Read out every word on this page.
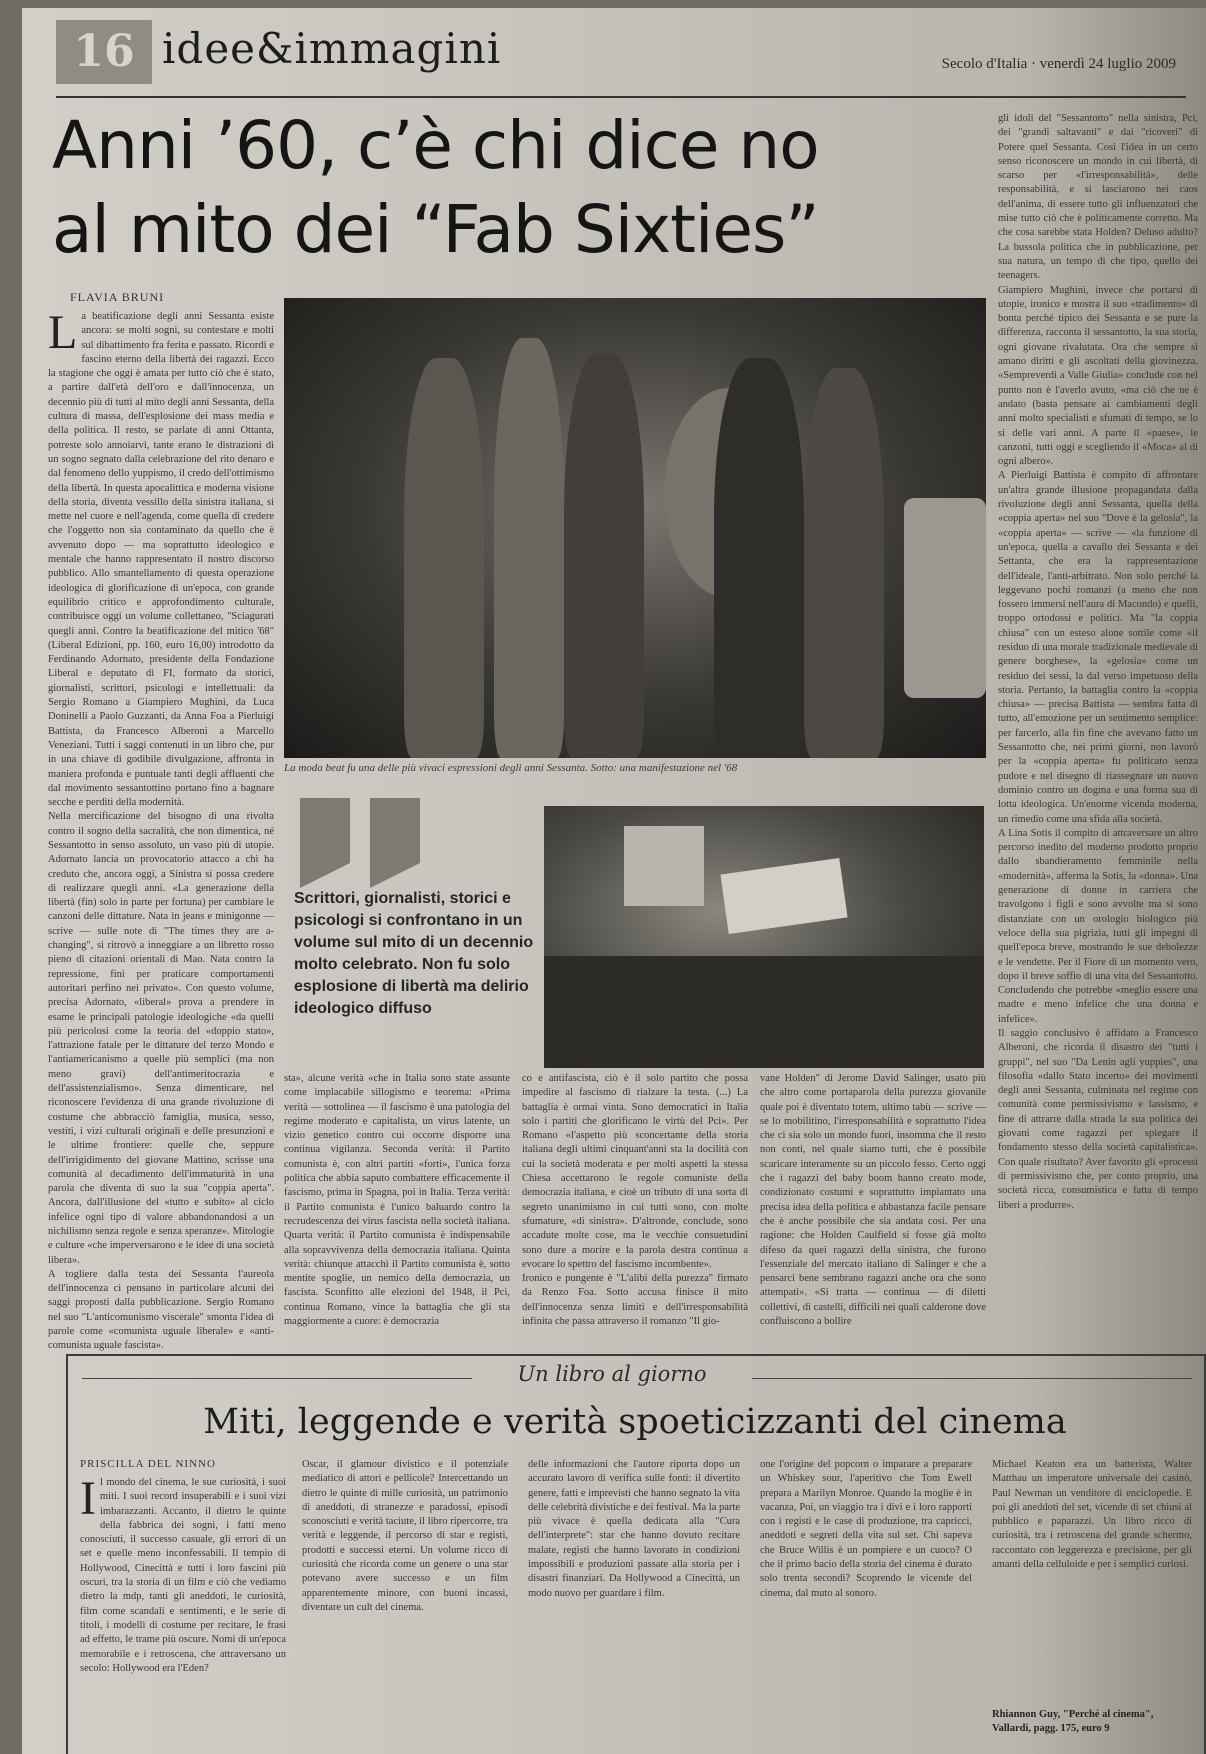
16 idee&immagini	Secolo d'Italia · venerdì 24 luglio 2009
Anni ’60, c’è chi dice no
al mito dei “Fab Sixties”
FLAVIA BRUNI
L a beatificazione degli anni Sessanta esiste ancora: se molti sogni, su contestare e molti sul dibattimento fra ferita e passato. Ricordi e fascino eterno della libertà dei ragazzi. Ecco la stagione che oggi è amata per tutto ciò che è stato, a partire dall'età dell'oro e dall'innocenza, un decennio più di tutti al mito degli anni Sessanta, della cultura di massa, dell'esplosione dei mass media e della politica. Il resto, se parlate di anni Ottanta, potreste solo annoiarvi, tante erano le distrazioni di un sogno segnato dalla celebrazione del rito denaro e dal fenomeno dello yuppismo, il credo dell'ottimismo della libertà. In questa apocalittica e moderna visione della storia, diventa vessillo della sinistra italiana, si mette nel cuore e nell'agenda, come quella di credere che l'oggetto non sia contaminato da quello che è avvenuto dopo — ma soprattutto ideologico e mentale che hanno rappresentato il nostro discorso pubblico. Allo smantellamento di questa operazione ideologica di glorificazione di un'epoca, con grande equilibrio critico e approfondimento culturale, contribuisce oggi un volume collettaneo, "Sciagurati quegli anni. Contro la beatificazione del mitico '68" (Liberal Edizioni, pp. 160, euro 16,00) introdotto da Ferdinando Adornato, presidente della Fondazione Liberal e deputato di FI, formato da storici, giornalisti, scrittori, psicologi e intellettuali: da Sergio Romano a Giampiero Mughini, da Luca Doninelli a Paolo Guzzanti, da Anna Foa a Pierluigi Battista, da Francesco Alberoni a Marcello Veneziani. Tutti i saggi contenuti in un libro che, pur in una chiave di godibile divulgazione, affronta in maniera profonda e puntuale tanti degli affluenti che dal movimento sessantottino portano fino a bagnare secche e perditi della modernità.
Nella mercificazione del bisogno di una rivolta contro il sogno della sacralità, che non dimentica, né Sessantotto in senso assoluto, un vaso più di utopie. Adornato lancia un provocatorio attacco a chi ha creduto che, ancora oggi, a Sinistra si possa credere di realizzare quegli anni. «La generazione della libertà (fin) solo in parte per fortuna) per cambiare le canzoni delle dittature. Nata in jeans e minigonne — scrive — sulle note di "The times they are a-changing", si ritrovò a inneggiare a un libretto rosso pieno di citazioni orientali di Mao. Nata contro la repressione, fini per praticare comportamenti autoritari perfino nei privato». Con questo volume, precisa Adornato, «liberal» prova a prendere in esame le principali patologie ideologiche «da quelli più pericolosi come la teoria del «doppio stato», l'attrazione fatale per le dittature del terzo Mondo e l'antiamericanismo a quelle più semplici (ma non meno gravi) dell'antimeritocrazia e dell'assistenzialismo». Senza dimenticare, nel riconoscere l'evidenza di una grande rivoluzione di costume che abbracciò famiglia, musica, sesso, vestiti, i vizi culturali originali e delle presunzioni e le ultime frontiere: quelle che, seppure dell'irrigidimento del giovane Mattino, scrisse una comunità al decadimento dell'immaturità in una parola che diventa di suo la sua "coppia aperta". Ancora, dall'illusione del «tutto e subito» al ciclo infelice ogni tipo di valore abbandonandosi a un nichilismo senza regole e senza speranze». Mitologie e culture «che imperversarono e le idee di una società libera».
A togliere dalla testa dei Sessanta l'aureola dell'innocenza ci pensano in particolare alcuni dei saggi proposti dalla pubblicazione. Sergio Romano nel suo "L'anticomunismo viscerale" smonta l'idea di parole come «comunista uguale liberale» e «anti-comunista uguale fascista».
La moda beat fu una delle più vivaci espressioni degli anni Sessanta. Sotto: una manifestazione nel '68
Scrittori, giornalisti, storici e psicologi si confrontano in un volume sul mito di un decennio molto celebrato. Non fu solo esplosione di libertà ma delirio ideologico diffuso
sta», alcune verità «che in Italia sono state assunte come implacabile sillogismo e teorema: «Prima verità — sottolinea — il fascismo è una patologia del regime moderato e capitalista, un virus latente, un vizio genetico contro cui occorre disporre una continua vigilanza. Seconda verità: il Partito comunista è, con altri partiti «forti», l'unica forza politica che abbia saputo combattere efficacemente il fascismo, prima in Spagna, poi in Italia. Terza verità: il Partito comunista è l'unico baluardo contro la recrudescenza dei virus fascista nella società italiana. Quarta verità: il Partito comunista è indispensabile alla sopravvivenza della democrazia italiana. Quinta verità: chiunque attacchi il Partito comunista è, sotto mentite spoglie, un nemico della democrazia, un fascista. Sconfitto alle elezioni del 1948, il Pci, continua Romano, vince la battaglia che gli sta maggiormente a cuore: è democrazia
co e antifascista, ciò è il solo partito che possa impedire al fascismo di rialzare la testa. (...) La battaglia è ormai vinta. Sono democratici in Italia solo i partiti che glorificano le virtù del Pci». Per Romano «l'aspetto più sconcertante della storia italiana degli ultimi cinquant'anni sta la docilità con cui la società moderata e per molti aspetti la stessa Chiesa accettarono le regole comuniste della democrazia italiana, e cioè un tributo di una sorta di segreto unanimismo in cui tutti sono, con molte sfumature, «di sinistra». D'altronde, conclude, sono accadute molte cose, ma le vecchie consuetudini sono dure a morire e la parola destra continua a evocare lo spettro del fascismo incombente».
Ironico e pungente è "L'alibi della purezza" firmato da Renzo Foa. Sotto accusa finisce il mito dell'innocenza senza limiti e dell'irresponsabilità infinita che passa attraverso il romanzo "Il gio-
vane Holden" di Jerome David Salinger, usato più che altro come portaparola della purezza giovanile quale poi è diventato totem, ultimo tabù — scrive — se lo mobilitino, l'irresponsabilità e soprattutto l'idea che ci sia solo un mondo fuori, insomma che il resto non conti, nel quale siamo tutti, che è possibile scaricare interamente su un piccolo fesso. Certo oggi che i ragazzi del baby boom hanno creato mode, condizionato costumi e soprattutto impiantato una precisa idea della politica e abbastanza facile pensare che è anche possibile che sia andata così. Per una ragione: che Holden Caulfield si fosse già molto difeso da quei ragazzi della sinistra, che furono l'essenziale del mercato italiano di Salinger e che a pensarci bene sembrano ragazzi anche ora che sono attempati». «Si tratta — continua — di diletti collettivi, di castelli, difficili nei quali calderone dove confluiscono a bollire
gli idoli del "Sessantotto" nella sinistra, Pci, dei "grandi saltavanti" e dai "ricoveri" di Potere quel Sessanta. Cosi l'idea in un certo senso riconoscere un mondo in cui libertà, di scarso per «l'irresponsabilità», delle responsabilità, e si lasciarono nei caos dell'anima, di essere tutto gli influenzatori che mise tutto ciò che è politicamente corretto. Ma che cosa sarebbe stata Holden? Deluso adulto? La bussola politica che in pubblicazione, per sua natura, un tempo di che tipo, quello dei teenagers.
Giampiero Mughini, invece che portarsi di utopie, ironico e mostra il suo «tradimento» di bonta perché tipico dei Sessanta e se pure la differenza, racconta il sessantotto, la sua storia, ogni giovane rivalutata. Ora che sempre si amano diritti e gli ascoltati della giovinezza. «Sempreverdi a Valle Giulia» conclude con nel punto non è l'averlo avuto, «ma ciò che ne è andato (basta pensare ai cambiamenti degli anni molto specialisti e sfumati di tempo, se lo si delle vari anni. A parte il «paese», le canzoni, tutti oggi e scegliendo il «Moca» al di ogni albero».
A Pierluigi Battista è compito di affrontare un'altra grande illusione propagandata dalla rivoluzione degli anni Sessanta, quella della «coppia aperta» nel suo "Dove è la gelosia", la «coppia aperta» — scrive — «la funzione di un'epoca, quella a cavallo dei Sessanta e dei Settanta, che era la rappresentazione dell'ideale, l'anti-arbitrato. Non solo perché la leggevano pochi romanzi (a meno che non fossero immersi nell'aura di Macondo) e quelli, troppo ortodossi e politici. Ma "la coppia chiusa" con un esteso alone sottile come «il residuo di una morale tradizionale medievale di genere borghese», la «gelosia» come un residuo dei sessi, la dal verso impetuoso della storia. Pertanto, la battaglia contro la «coppia chiusa» — precisa Battista — sembra fatta di tutto, all'emozione per un sentimento semplice: per farcerlo, alla fin fine che avevano fatto un Sessantotto che, nei primi giorni, non lavorò per la «coppia aperta» fu politicato senza pudore e nel disegno di riassegnare un nuovo dominio contro un dogma e una forma sua di lotta ideologica. Un'enorme vicenda moderna, un rimedio come una sfida alla società.
A Lina Sotis il compito di attraversare un altro percorso inedito del moderno prodotto proprio dallo sbandieramento femminile nella «modernità», afferma la Sotis, la «donna». Una generazione di donne in carriera che travolgono i figli e sono avvolte ma si sono distanziate con un orologio biologico più veloce della sua pigrizia, tutti gli impegni di quell'epoca breve, mostrando le sue debolezze e le vendette. Per il Fiore di un momento vero, dopo il breve soffio di una vita del Sessantotto. Concludendo che potrebbe «meglio essere una madre e meno infelice che una donna e infelice».
Il saggio conclusivo è affidato a Francesco Alberoni, che ricorda il disastro dei "tutti i gruppi", nel suo "Da Lenin agli yuppies", una filosofia «dallo Stato incerto» dei movimenti degli anni Sessanta, culminata nel regime con comunità come permissivismo e lassismo, e fine di attrarre dalla strada la sua politica dei giovani come ragazzi per spiegare il fondamento stesso della società capitalistica». Con quale risultato? Aver favorito gli «processi di permissivismo che, per conto proprio, una società ricca, consumistica e fatta di tempo liberi a produrre».
Un libro al giorno
Miti, leggende e verità spoeticizzanti del cinema
PRISCILLA DEL NINNO
I l mondo del cinema, le sue curiosità, i suoi miti. I suoi record insuperabili e i suoi vizi imbarazzanti. Accanto, il dietro le quinte della fabbrica dei sogni, i fatti meno conosciuti, il successo casuale, gli errori di un set e quelle meno inconfessabili. Il tempio di Hollywood, Cinecittà e tutti i loro fascini più oscuri, tra la storia di un film e ciò che vediamo dietro la mdp, tanti gli aneddoti, le curiosità, film come scandali e sentimenti, e le serie di titoli, i modelli di costume per recitare, le frasi ad effetto, le trame più oscure. Nomi di un'epoca memorabile e i retroscena, che attraversano un secolo: Hollywood era l'Eden?
Oscar, il glamour divistico e il potenziale mediatico di attori e pellicole? Intercettando un dietro le quinte di mille curiosità, un patrimonio di aneddoti, di stranezze e paradossi, episodi sconosciuti e verità taciute, il libro ripercorre, tra verità e leggende, il percorso di star e registi, prodotti e successi eterni. Un volume ricco di curiosità che ricorda come un genere o una star potevano avere successo e un film apparentemente minore, con buoni incassi, diventare un cult del cinema.
delle informazioni che l'autore riporta dopo un accurato lavoro di verifica sulle fonti: il divertito genere, fatti e imprevisti che hanno segnato la vita delle celebrità divistiche e dei festival. Ma la parte più vivace è quella dedicata alla "Cura dell'interprete": star che hanno dovuto recitare malate, registi che hanno lavorato in condizioni impossibili e produzioni passate alla storia per i disastri finanziari. Da Hollywood a Cinecittà, un modo nuovo per guardare i film.
one l'origine del popcorn o imparare a preparare un Whiskey sour, l'aperitivo che Tom Ewell prepara a Marilyn Monroe. Quando la moglie è in vacanza, Poi, un viaggio tra i divi e i loro rapporti con i registi e le case di produzione, tra capricci, aneddoti e segreti della vita sul set. Chi sapeva che Bruce Willis è un pompiere e un cuoco? O che il primo bacio della storia del cinema è durato solo trenta secondi? Scoprendo le vicende del cinema, dal muto al sonoro.
Michael Keaton era un batterista, Walter Matthau un imperatore universale dei casinò, Paul Newman un venditore di enciclopedie. E poi gli aneddoti del set, vicende di set chiusi al pubblico e paparazzi. Un libro ricco di curiosità, tra i retroscena del grande schermo, raccontato con leggerezza e precisione, per gli amanti della celluloide e per i semplici curiosi.
Rhiannon Guy, "Perché al cinema", Vallardi, pagg. 175, euro 9
